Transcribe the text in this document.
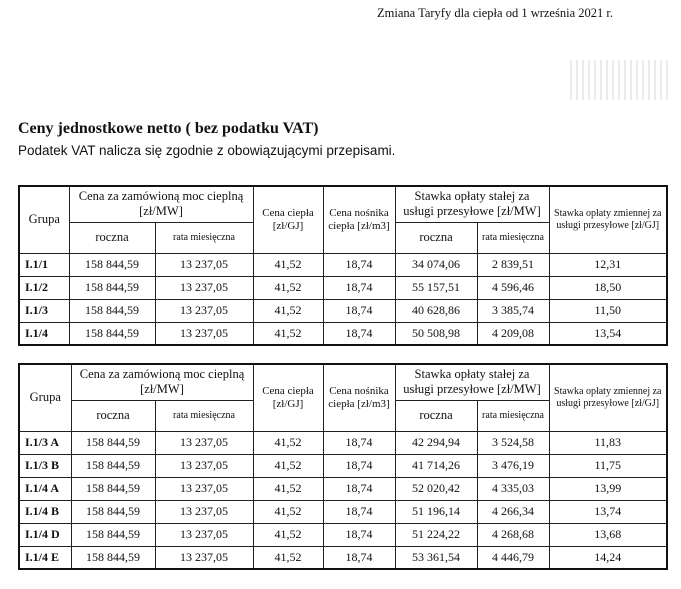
Zmiana Taryfy dla ciepła od 1 września 2021 r.
Ceny jednostkowe netto ( bez podatku VAT)
Podatek VAT nalicza się zgodnie z obowiązującymi przepisami.
Grupa	Cena za zamówioną moc cieplną [zł/MW]		Cena ciepła [zł/GJ]	Cena nośnika ciepła [zł/m3]	Stawka opłaty stałej za usługi przesyłowe [zł/MW]		Stawka opłaty zmiennej za usługi przesyłowe [zł/GJ]
	roczna	rata miesięczna			roczna	rata miesięczna	
I.1/1	158 844,59	13 237,05	41,52	18,74	34 074,06	2 839,51	12,31
I.1/2	158 844,59	13 237,05	41,52	18,74	55 157,51	4 596,46	18,50
I.1/3	158 844,59	13 237,05	41,52	18,74	40 628,86	3 385,74	11,50
I.1/4	158 844,59	13 237,05	41,52	18,74	50 508,98	4 209,08	13,54
Grupa	Cena za zamówioną moc cieplną [zł/MW]		Cena ciepła [zł/GJ]	Cena nośnika ciepła [zł/m3]	Stawka opłaty stałej za usługi przesyłowe [zł/MW]		Stawka opłaty zmiennej za usługi przesyłowe [zł/GJ]
	roczna	rata miesięczna			roczna	rata miesięczna	
I.1/3 A	158 844,59	13 237,05	41,52	18,74	42 294,94	3 524,58	11,83
I.1/3 B	158 844,59	13 237,05	41,52	18,74	41 714,26	3 476,19	11,75
I.1/4 A	158 844,59	13 237,05	41,52	18,74	52 020,42	4 335,03	13,99
I.1/4 B	158 844,59	13 237,05	41,52	18,74	51 196,14	4 266,34	13,74
I.1/4 D	158 844,59	13 237,05	41,52	18,74	51 224,22	4 268,68	13,68
I.1/4 E	158 844,59	13 237,05	41,52	18,74	53 361,54	4 446,79	14,24
